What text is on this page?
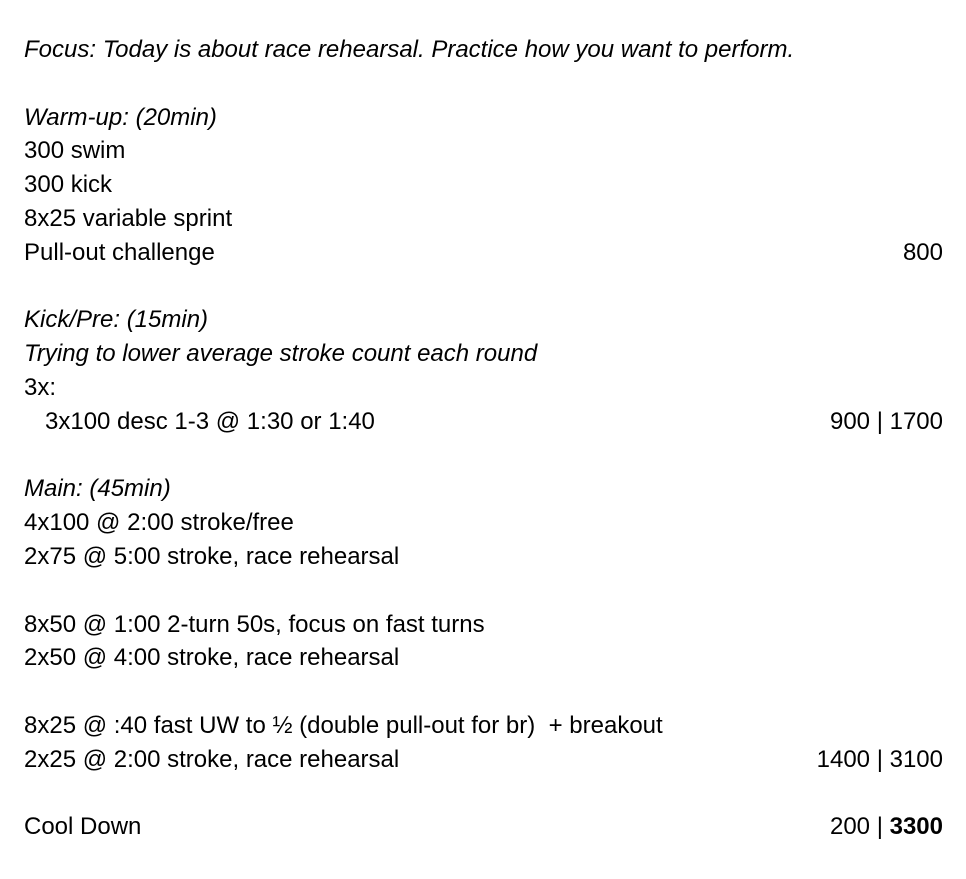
Focus: Today is about race rehearsal. Practice how you want to perform.
Warm-up: (20min)
300 swim
300 kick
8x25 variable sprint
Pull-out challenge	800
Kick/Pre: (15min)
Trying to lower average stroke count each round
3x:
3x100 desc 1-3 @ 1:30 or 1:40	900 | 1700
Main: (45min)
4x100 @ 2:00 stroke/free
2x75 @ 5:00 stroke, race rehearsal
8x50 @ 1:00 2-turn 50s, focus on fast turns
2x50 @ 4:00 stroke, race rehearsal
8x25 @ :40 fast UW to ½ (double pull-out for br)  + breakout
2x25 @ 2:00 stroke, race rehearsal	1400 | 3100
Cool Down	200 | 3300
